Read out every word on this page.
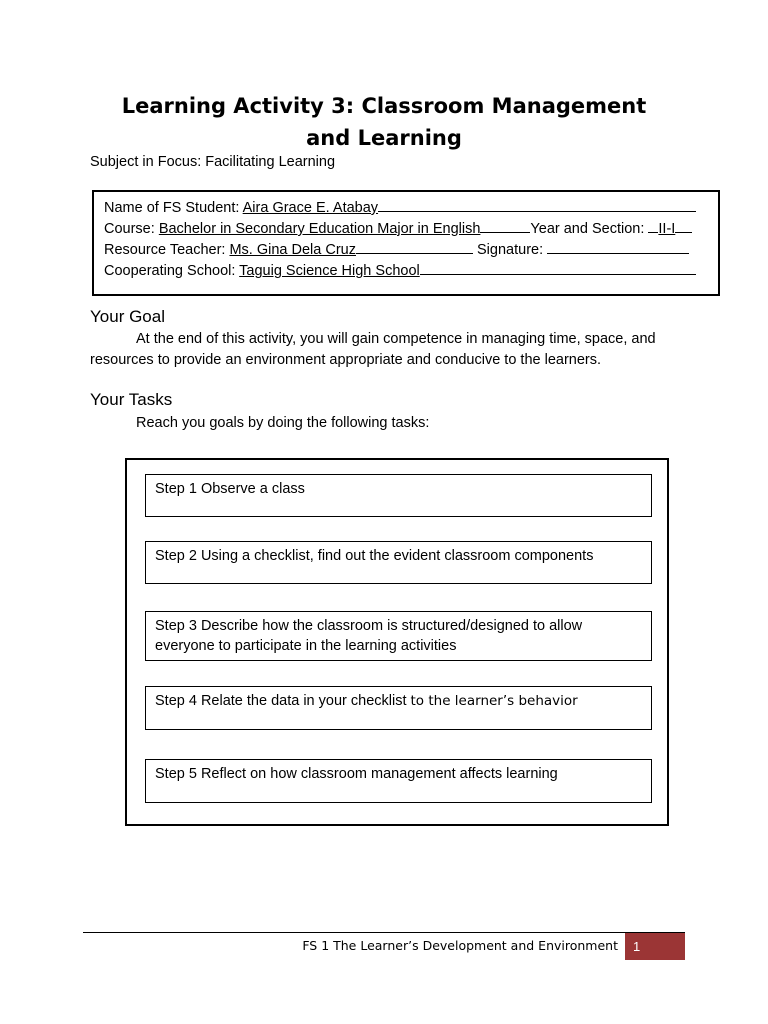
Learning Activity 3: Classroom Management and Learning
Subject in Focus: Facilitating Learning
Name of FS Student: Aira Grace E. Atabay
Course: Bachelor in Secondary Education Major in English	Year and Section: II-I
Resource Teacher: Ms. Gina Dela Cruz	Signature:
Cooperating School: Taguig Science High School
Your Goal
At the end of this activity, you will gain competence in managing time, space, and resources to provide an environment appropriate and conducive to the learners.
Your Tasks
Reach you goals by doing the following tasks:
Step 1 Observe a class
Step 2 Using a checklist, find out the evident classroom components
Step 3 Describe how the classroom is structured/designed to allow everyone to participate in the learning activities
Step 4 Relate the data in your checklist to the learner’s behavior
Step 5 Reflect on how classroom management affects learning
FS 1 The Learner’s Development and Environment	1
